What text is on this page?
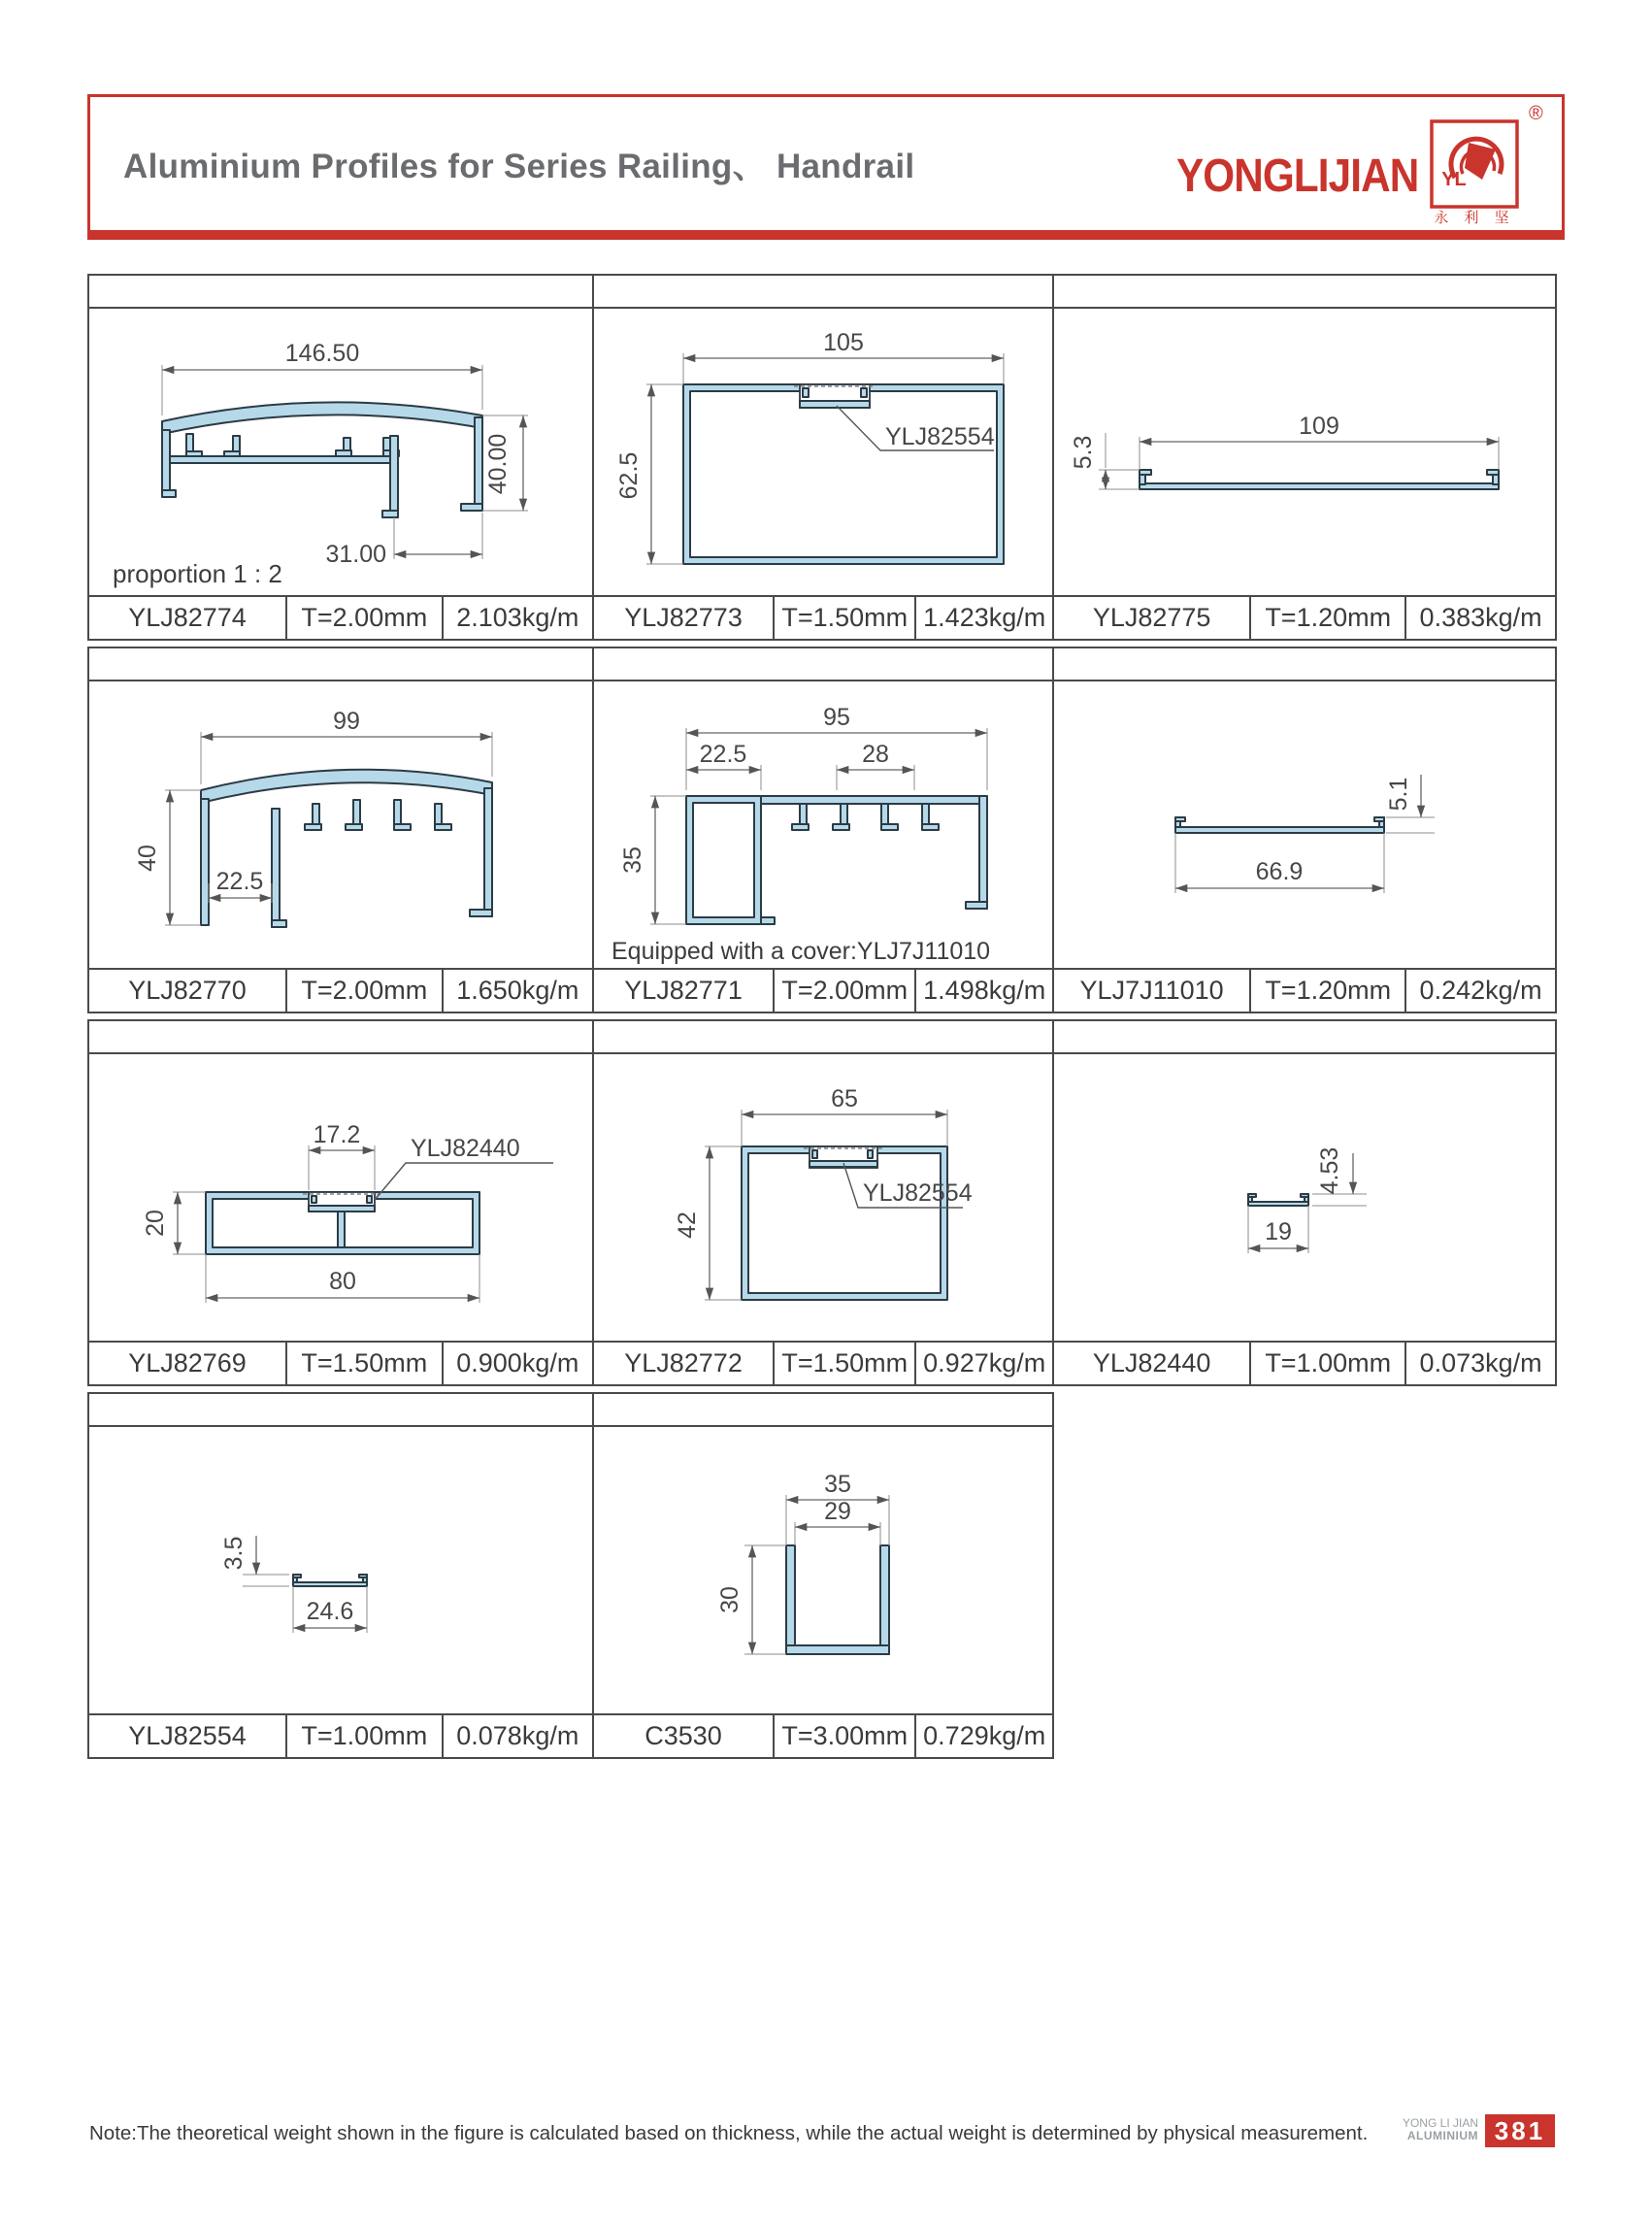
Aluminium Profiles for Series Railing、 Handrail	YONGLIJIAN YL
®
永 利 坚
146.50
40.00
31.00
proportion 1 : 2
YLJ82774	T=2.00mm	2.103kg/m
YLJ82554
105
62.5
YLJ82773	T=1.50mm 1.423kg/m
109
5.3
YLJ82775	T=1.20mm	0.383kg/m
99
40
22.5
YLJ82770	T=2.00mm	1.650kg/m
95
22.5	28
35
Equipped with a cover:YLJ7J11010
YLJ82771	T=2.00mm 1.498kg/m
5.1
66.9
YLJ7J11010	T=1.20mm	0.242kg/m
YLJ82440
17.2
20
80
YLJ82769	T=1.50mm	0.900kg/m
YLJ82554
65
42
YLJ82772	T=1.50mm 0.927kg/m
4.53
19
YLJ82440	T=1.00mm	0.073kg/m
3.5
24.6
YLJ82554	T=1.00mm	0.078kg/m
35
29
30
C3530	T=3.00mm 0.729kg/m
Note:The theoretical weight shown in the figure is calculated based on thickness, while the actual weight is determined by physical measurement.	YONG LI JIAN
ALUMINIUM 381
